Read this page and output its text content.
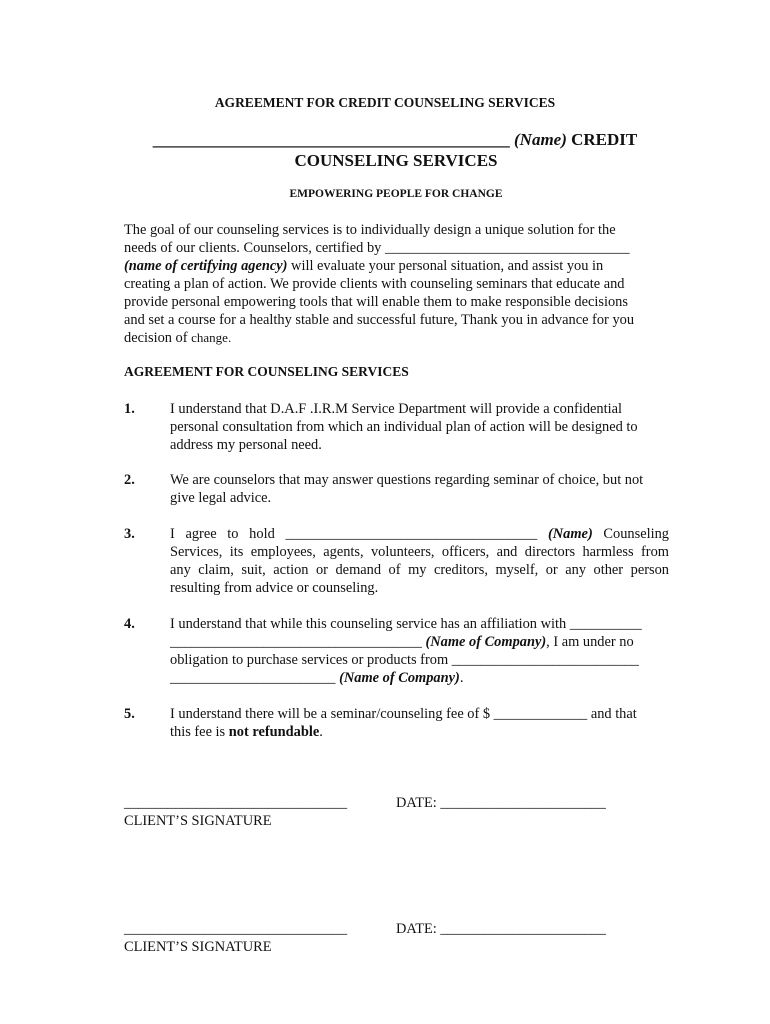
AGREEMENT FOR CREDIT COUNSELING SERVICES
__________________________________________ (Name) CREDIT
COUNSELING SERVICES
EMPOWERING PEOPLE FOR CHANGE
The goal of our counseling services is to individually design a unique solution for the
needs of our clients. Counselors, certified by __________________________________
(name of certifying agency) will evaluate your personal situation, and assist you in
creating a plan of action. We provide clients with counseling seminars that educate and
provide personal empowering tools that will enable them to make responsible decisions
and set a course for a healthy stable and successful future, Thank you in advance for you
decision of change.
AGREEMENT FOR COUNSELING SERVICES
1. I understand that D.A.F .I.R.M Service Department will provide a confidential
personal consultation from which an individual plan of action will be designed to
address my personal need.
2. We are counselors that may answer questions regarding seminar of choice, but not
give legal advice.
3. I agree to hold ___________________________________ (Name) Counseling
Services, its employees, agents, volunteers, officers, and directors harmless from
any claim, suit, action or demand of my creditors, myself, or any other person
resulting from advice or counseling.
4. I understand that while this counseling service has an affiliation with __________
___________________________________ (Name of Company), I am under no
obligation to purchase services or products from __________________________
_______________________ (Name of Company).
5. I understand there will be a seminar/counseling fee of $ _____________ and that
this fee is not refundable.
_______________________________	DATE: _______________________
CLIENT’S SIGNATURE
_______________________________	DATE: _______________________
CLIENT’S SIGNATURE
